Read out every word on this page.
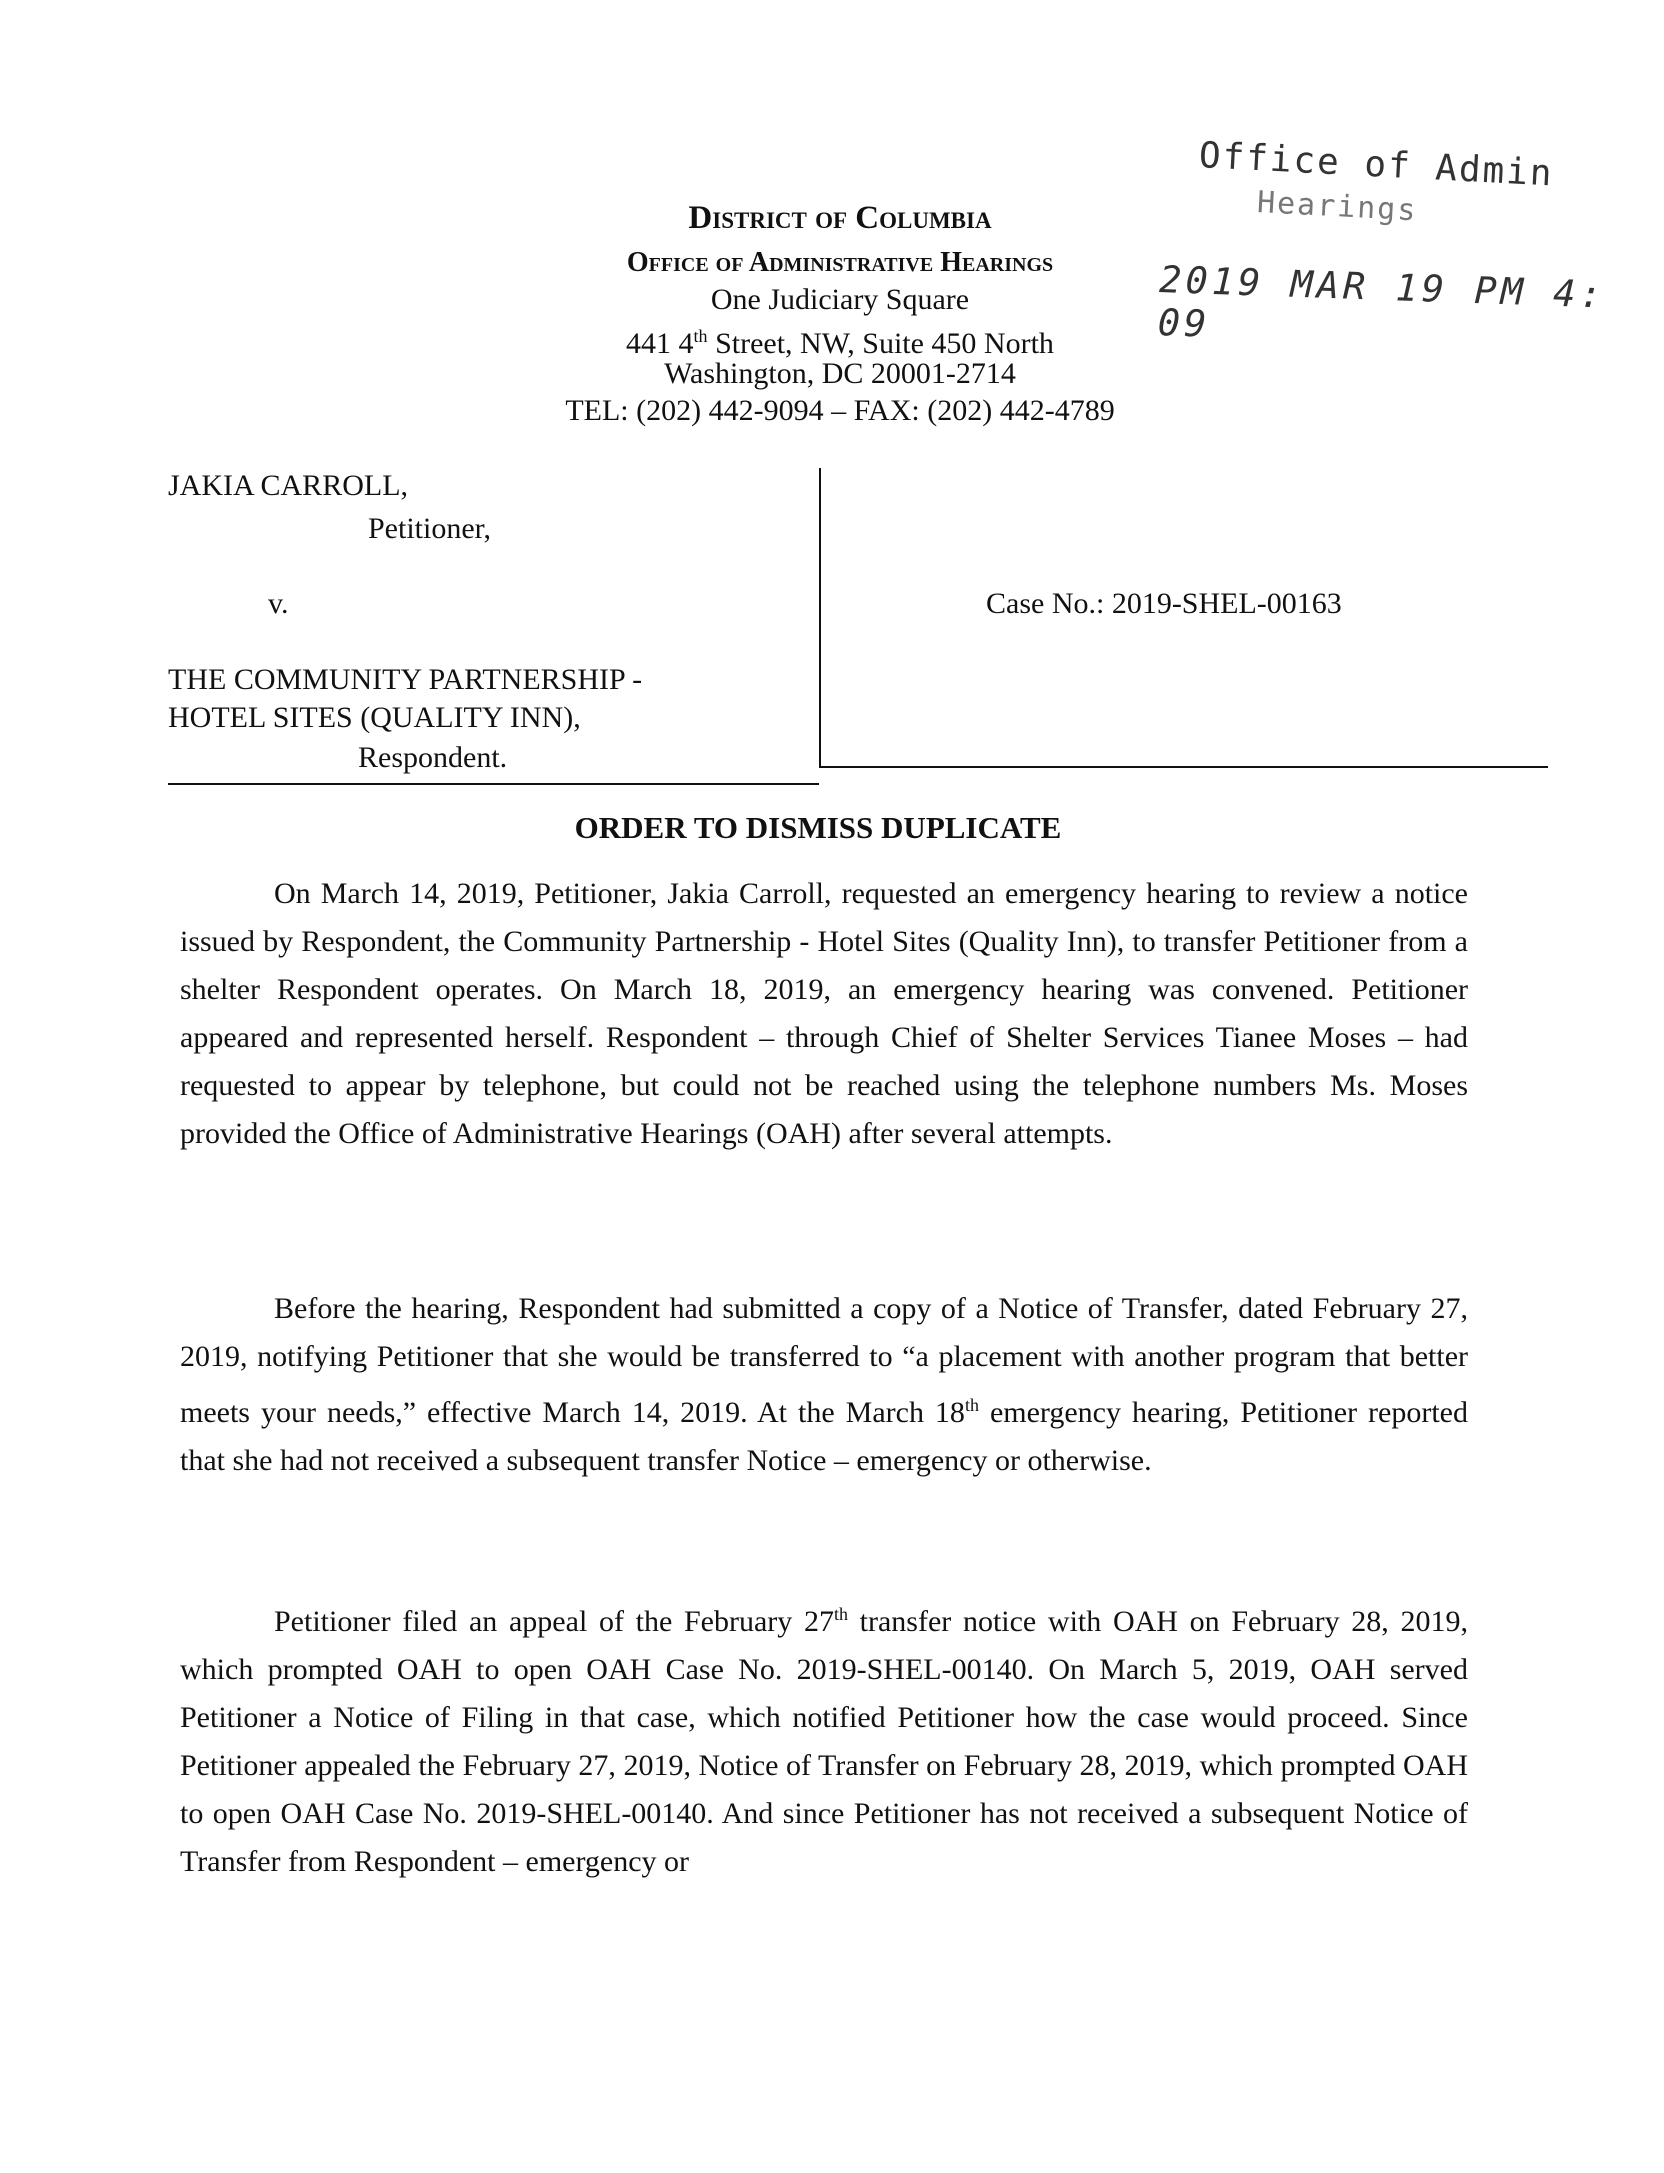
Office of Admin
Hearings
2019 MAR 19 PM 4: 09
District of Columbia
Office of Administrative Hearings
One Judiciary Square
441 4th Street, NW, Suite 450 North
Washington, DC 20001-2714
TEL: (202) 442-9094 – FAX: (202) 442-4789
JAKIA CARROLL,
Petitioner,
v.
THE COMMUNITY PARTNERSHIP -
HOTEL SITES (QUALITY INN),
Respondent.
Case No.: 2019-SHEL-00163
ORDER TO DISMISS DUPLICATE

On March 14, 2019, Petitioner, Jakia Carroll, requested an emergency hearing to review a notice issued by Respondent, the Community Partnership - Hotel Sites (Quality Inn), to transfer Petitioner from a shelter Respondent operates. On March 18, 2019, an emergency hearing was convened. Petitioner appeared and represented herself. Respondent – through Chief of Shelter Services Tianee Moses – had requested to appear by telephone, but could not be reached using the telephone numbers Ms. Moses provided the Office of Administrative Hearings (OAH) after several attempts.

Before the hearing, Respondent had submitted a copy of a Notice of Transfer, dated February 27, 2019, notifying Petitioner that she would be transferred to “a placement with another program that better meets your needs,” effective March 14, 2019. At the March 18th emergency hearing, Petitioner reported that she had not received a subsequent transfer Notice – emergency or otherwise.

Petitioner filed an appeal of the February 27th transfer notice with OAH on February 28, 2019, which prompted OAH to open OAH Case No. 2019-SHEL-00140. On March 5, 2019, OAH served Petitioner a Notice of Filing in that case, which notified Petitioner how the case would proceed. Since Petitioner appealed the February 27, 2019, Notice of Transfer on February 28, 2019, which prompted OAH to open OAH Case No. 2019-SHEL-00140. And since Petitioner has not received a subsequent Notice of Transfer from Respondent – emergency or
